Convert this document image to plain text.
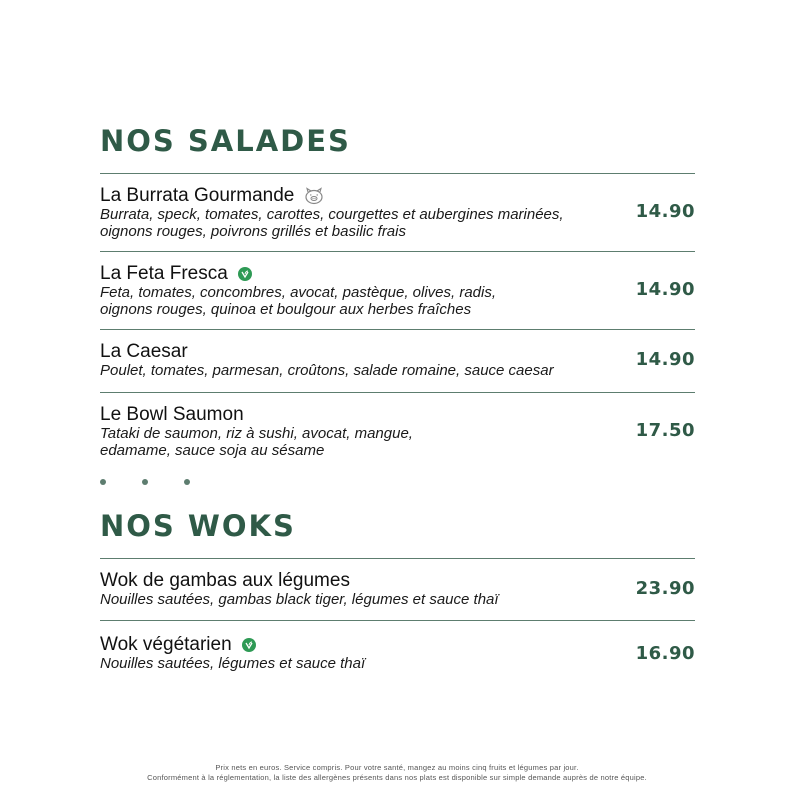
NOS SALADES
La Burrata Gourmande
Burrata, speck, tomates, carottes, courgettes et aubergines marinées,
oignons rouges, poivrons grillés et basilic frais
14.90
La Feta Fresca
Feta, tomates, concombres, avocat, pastèque, olives, radis,
oignons rouges, quinoa et boulgour aux herbes fraîches
14.90
La Caesar
Poulet, tomates, parmesan, croûtons, salade romaine, sauce caesar
14.90
Le Bowl Saumon
Tataki de saumon, riz à sushi, avocat, mangue,
edamame, sauce soja au sésame
17.50
NOS WOKS
Wok de gambas aux légumes
Nouilles sautées, gambas black tiger, légumes et sauce thaï
23.90
Wok végétarien
Nouilles sautées, légumes et sauce thaï	16.90
Prix nets en euros. Service compris. Pour votre santé, mangez au moins cinq fruits et légumes par jour.
Conformément à la réglementation, la liste des allergènes présents dans nos plats est disponible sur simple demande auprès de notre équipe.
